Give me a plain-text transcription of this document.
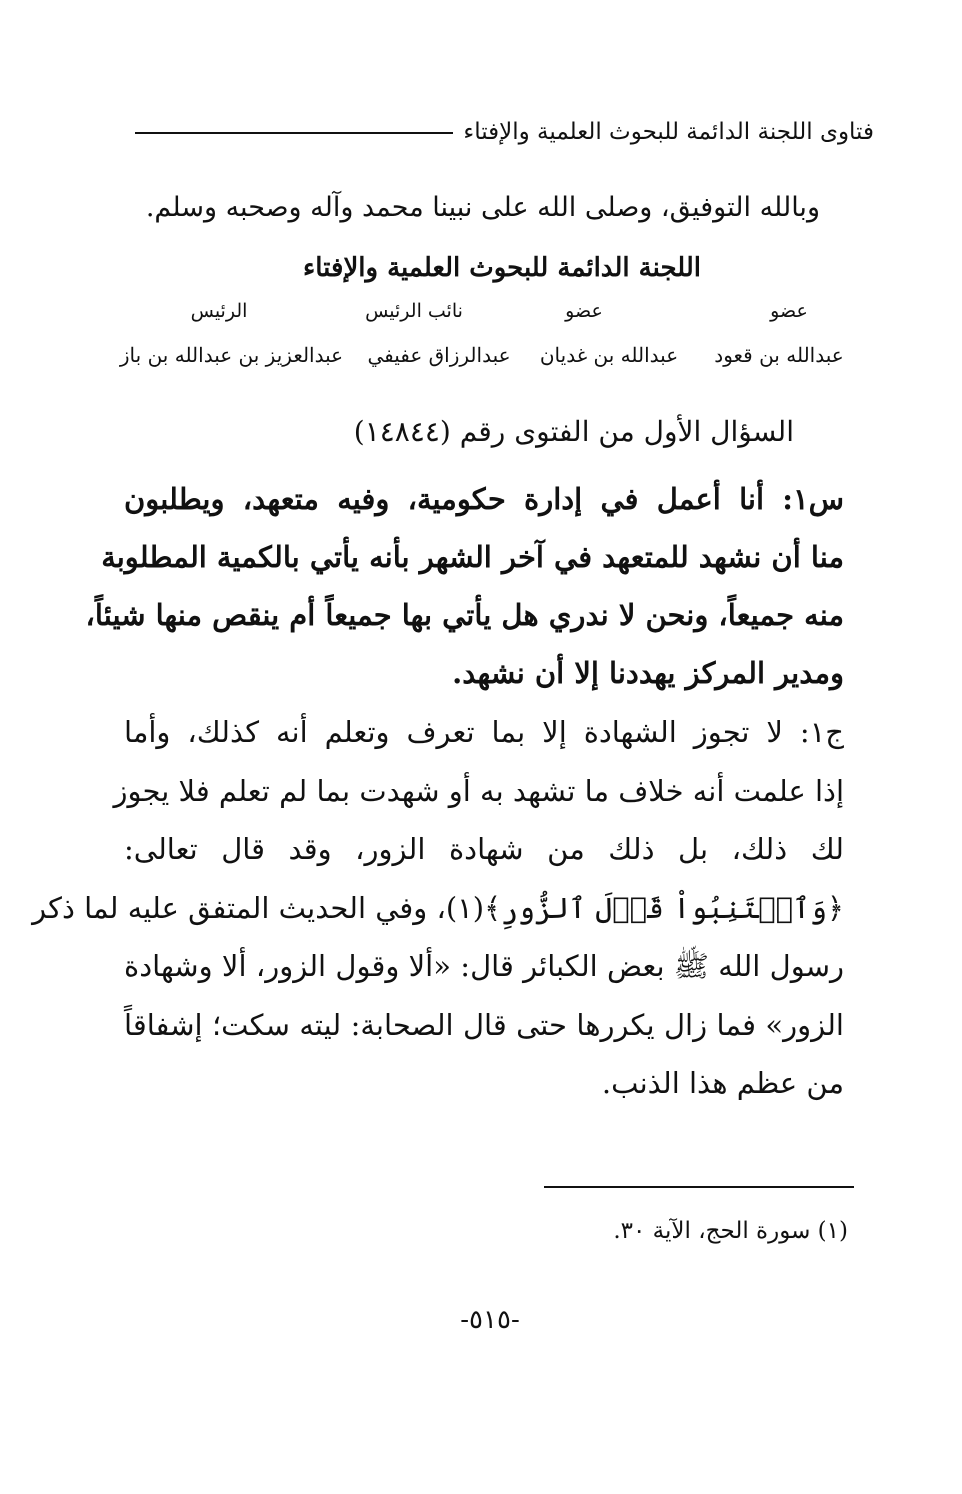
فتاوى اللجنة الدائمة للبحوث العلمية والإفتاء
وبالله التوفيق، وصلى الله على نبينا محمد وآله وصحبه وسلم.
اللجنة الدائمة للبحوث العلمية والإفتاء
عضو
عضو
نائب الرئيس
الرئيس
عبدالله بن قعود
عبدالله بن غديان
عبدالرزاق عفيفي
عبدالعزيز بن عبدالله بن باز
السؤال الأول من الفتوى رقم (١٤٨٤٤)
س١: أنا أعمل في إدارة حكومية، وفيه متعهد، ويطلبون
منا أن نشهد للمتعهد في آخر الشهر بأنه يأتي بالكمية المطلوبة
منه جميعاً، ونحن لا ندري هل يأتي بها جميعاً أم ينقص منها شيئاً،
ومدير المركز يهددنا إلا أن نشهد.
ج١: لا تجوز الشهادة إلا بما تعرف وتعلم أنه كذلك، وأما
إذا علمت أنه خلاف ما تشهد به أو شهدت بما لم تعلم فلا يجوز
لك ذلك، بل ذلك من شهادة الزور، وقد قال تعالى:
﴿وَٱجۡتَنِبُواْ قَوۡلَ ٱلزُّورِ﴾(١)، وفي الحديث المتفق عليه لما ذكر
رسول الله ﷺ بعض الكبائر قال: «ألا وقول الزور، ألا وشهادة
الزور» فما زال يكررها حتى قال الصحابة: ليته سكت؛ إشفاقاً
من عظم هذا الذنب.
(١) سورة الحج، الآية ٣٠.
-٥١٥-
